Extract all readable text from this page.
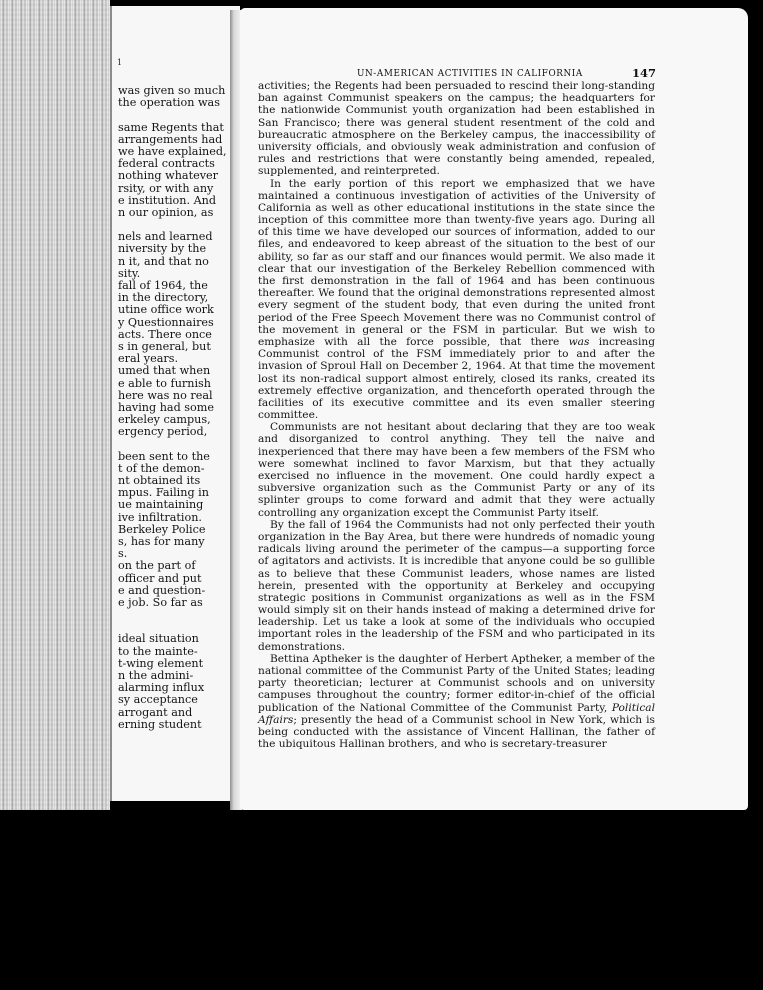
1
was given so much
the operation was
same Regents that
arrangements had
we have explained,
federal contracts
nothing whatever
rsity, or with any
e institution. And
n our opinion, as
nels and learned
niversity by the
n it, and that no
sity.
fall of 1964, the
in the directory,
utine office work
y Questionnaires
acts. There once
s in general, but
eral years.
umed that when
e able to furnish
here was no real
having had some
erkeley campus,
ergency period,
been sent to the
t of the demon-
nt obtained its
mpus. Failing in
ue maintaining
ive infiltration.
Berkeley Police
s, has for many
s.
on the part of
officer and put
e and question-
e job. So far as
ideal situation
to the mainte-
t-wing element
n the admini-
alarming influx
sy acceptance
arrogant and
erning student
UN-AMERICAN ACTIVITIES IN CALIFORNIA	147

activities; the Regents had been persuaded to rescind their long-standing ban against Communist speakers on the campus; the headquarters for the nationwide Communist youth organization had been established in San Francisco; there was general student resentment of the cold and bureaucratic atmosphere on the Berkeley campus, the inaccessibility of university officials, and obviously weak administration and confusion of rules and restrictions that were constantly being amended, repealed, supplemented, and reinterpreted.

In the early portion of this report we emphasized that we have maintained a continuous investigation of activities of the University of California as well as other educational institutions in the state since the inception of this committee more than twenty-five years ago. During all of this time we have developed our sources of information, added to our files, and endeavored to keep abreast of the situation to the best of our ability, so far as our staff and our finances would permit. We also made it clear that our investigation of the Berkeley Rebellion commenced with the first demonstration in the fall of 1964 and has been continuous thereafter. We found that the original demonstrations represented almost every segment of the student body, that even during the united front period of the Free Speech Movement there was no Communist control of the movement in general or the FSM in particular. But we wish to emphasize with all the force possible, that there was increasing Communist control of the FSM immediately prior to and after the invasion of Sproul Hall on December 2, 1964. At that time the movement lost its non-radical support almost entirely, closed its ranks, created its extremely effective organization, and thenceforth operated through the facilities of its executive committee and its even smaller steering committee.

Communists are not hesitant about declaring that they are too weak and disorganized to control anything. They tell the naive and inexperienced that there may have been a few members of the FSM who were somewhat inclined to favor Marxism, but that they actually exercised no influence in the movement. One could hardly expect a subversive organization such as the Communist Party or any of its splinter groups to come forward and admit that they were actually controlling any organization except the Communist Party itself.

By the fall of 1964 the Communists had not only perfected their youth organization in the Bay Area, but there were hundreds of nomadic young radicals living around the perimeter of the campus—a supporting force of agitators and activists. It is incredible that anyone could be so gullible as to believe that these Communist leaders, whose names are listed herein, presented with the opportunity at Berkeley and occupying strategic positions in Communist organizations as well as in the FSM would simply sit on their hands instead of making a determined drive for leadership. Let us take a look at some of the individuals who occupied important roles in the leadership of the FSM and who participated in its demonstrations.

Bettina Aptheker is the daughter of Herbert Aptheker, a member of the national committee of the Communist Party of the United States; leading party theoretician; lecturer at Communist schools and on university campuses throughout the country; former editor-in-chief of the official publication of the National Committee of the Communist Party, Political Affairs; presently the head of a Communist school in New York, which is being conducted with the assistance of Vincent Hallinan, the father of the ubiquitous Hallinan brothers, and who is secretary-treasurer
